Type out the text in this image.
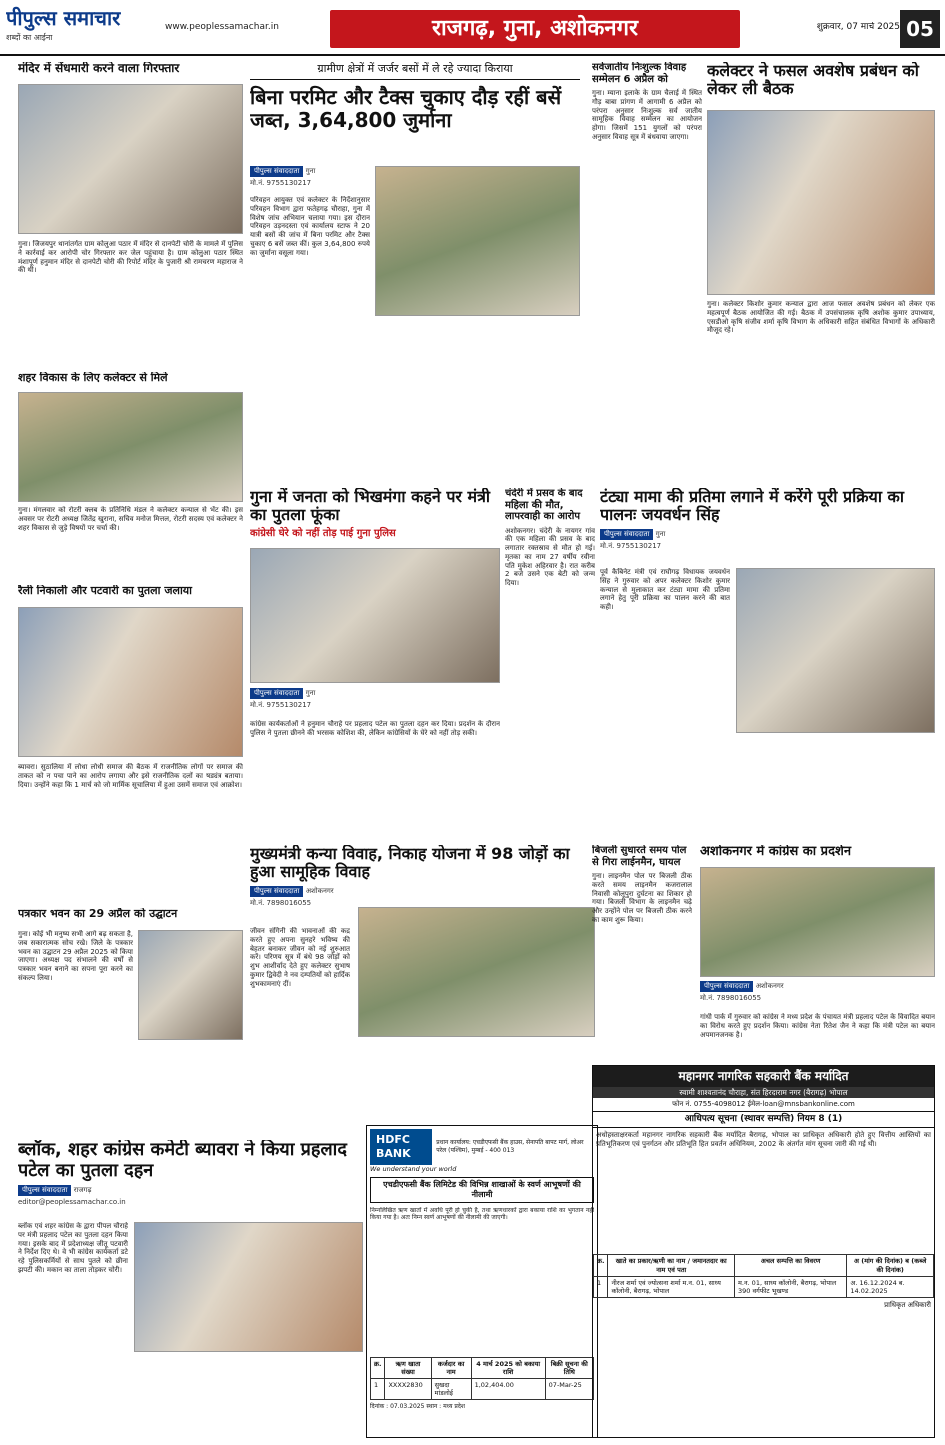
पीपुल्स समाचार
शब्दों का आईना
www.peoplessamachar.in	राजगढ़, गुना, अशोकनगर	शुक्रवार, 07 मार्च 2025 05
मंदिर में सेंधमारी करने वाला गिरफ्तार
गुना। जिजयपुर थानांतर्गत ग्राम कोलुआ पठार में मंदिर से दानपेटी चोरी के मामले में पुलिस ने कार्रवाई कर आरोपी चोर गिरफ्तार कर जेल पहुंचाया है। ग्राम कोलुआ पठार स्थित मंशापूर्ण हनुमान मंदिर से दानपेटी चोरी की रिपोर्ट मंदिर के पुजारी श्री रामचरण महाराज ने की थी।
शहर विकास के लिए कलेक्टर से मिले
गुना। मंगलवार को रोटरी क्लब के प्रतिनिधि मंडल ने कलेक्टर कन्याल से भेंट की। इस अवसर पर रोटरी अध्यक्ष जितेंद्र खुराना, सचिव मनोज मित्तल, रोटरी सदस्य एवं कलेक्टर ने शहर विकास से जुड़े विषयों पर चर्चा की।
रैली निकाली और पटवारी का पुतला जलाया
ब्यावरा। सुठालिया में लोधा लोधी समाज की बैठक में राजनीतिक लोगों पर समाज की ताकत को न पचा पाने का आरोप लगाया और इसे राजनीतिक दलों का षड्यंत्र बताया। दिया। उन्होंने कहा कि 1 मार्च को जो मार्मिक सूचालिया में हुआ उसमें समाज एवं आक्रोश।
पत्रकार भवन का 29 अप्रैल को उद्घाटन
गुना। कोई भी मनुष्य सभी आगे बढ़ सकता है, जब सकारात्मक सोच रखे। जिले के पत्रकार भवन का उद्घाटन 29 अप्रैल 2025 को किया जाएगा। अध्यक्ष पद संभालने की वर्षों से पत्रकार भवन बनाने का सपना पूरा करने का संकल्प लिया।
ब्लॉक, शहर कांग्रेस कमेटी ब्यावरा ने किया प्रहलाद पटेल का पुतला दहन
पीपुल्स संवाददाता राजगढ़
editor@peoplessamachar.co.in
ब्लॉक एवं शहर कांग्रेस के द्वारा पीपल चौराहे पर मंत्री प्रहलाद पटेल का पुतला दहन किया गया। इसके बाद में प्रदेशाध्यक्ष जीतू पटवारी ने निर्देश दिए थे। वे भी कांग्रेस कार्यकर्ता डटे रहे पुलिसकर्मियों से साथ पुतले को छीना झपटी की। मकान का ताला तोड़कर चोरी।
ग्रामीण क्षेत्रों में जर्जर बसों में ले रहे ज्यादा किराया
बिना परमिट और टैक्स चुकाए दौड़ रहीं बसें जब्त, 3,64,800 जुर्माना
पीपुल्स संवाददाता गुना
मो.नं. 9755130217
परिवहन आयुक्त एवं कलेक्टर के निर्देशानुसार परिवहन विभाग द्वारा फतेहगढ़ चौराहा, गुना में विशेष जांच अभियान चलाया गया। इस दौरान परिवहन उड़नदस्ता एवं कार्यालय स्टाफ ने 20 यात्री बसों की जांच में बिना परमिट और टैक्स चुकाए 6 बसें जब्त कीं। कुल 3,64,800 रुपये का जुर्माना वसूला गया।
गुना में जनता को भिखमंगा कहने पर मंत्री का पुतला फूंका
कांग्रेसी घेरे को नहीं तोड़ पाई गुना पुलिस
पीपुल्स संवाददाता गुना
मो.नं. 9755130217
कांग्रेस कार्यकर्ताओं ने हनुमान चौराहे पर प्रहलाद पटेल का पुतला दहन कर दिया। प्रदर्शन के दौरान पुलिस ने पुतला छीनने की भरसक कोशिश की, लेकिन कांग्रेसियों के घेरे को नहीं तोड़ सकी।
चंदेरी में प्रसव के बाद महिला की मौत, लापरवाही का आरोप
अशोकनगर। चंदेरी के नायगर गांव की एक महिला की प्रसव के बाद लगातार रक्तस्राव से मौत हो गई। मृतका का नाम 27 वर्षीय रवीना पति मुकेश अहिरवार है। रात करीब 2 बजे उसने एक बेटी को जन्म दिया।
मुख्यमंत्री कन्या विवाह, निकाह योजना में 98 जोड़ों का हुआ सामूहिक विवाह
पीपुल्स संवाददाता अशोकनगर
मो.नं. 7898016055
जीवन संगिनी की भावनाओं की कद्र करते हुए अपना सुनहरे भविष्य की बेहतर बनाकर जीवन को नई शुरुआत करें। परिणय सूत्र में बंधे 98 जोड़ों को शुभ आशीर्वाद देते हुए कलेक्टर सुभाष कुमार द्विवेदी ने नव दम्पतियों को हार्दिक शुभकामनाएं दीं।
HDFC BANK
प्रधान कार्यालय: एचडीएफसी बैंक हाउस, सेनापति बापट मार्ग, लोअर परेल (पश्चिम), मुम्बई - 400 013
We understand your world
एचडीएफसी बैंक लिमिटेड की विभिन्न शाखाओं के स्वर्ण आभूषणों की नीलामी
निम्नलिखित ऋण खातों में अवधि पूरी हो चुकी है, तथा ऋणधारकों द्वारा बकाया राशि का भुगतान नहीं किया गया है। अतः निम्न स्वर्ण आभूषणों की नीलामी की जाएगी।
क्र.	ऋण खाता संख्या	कर्जदार का नाम	4 मार्च 2025 को बकाया राशि	बिक्री सूचना की तिथि
1	XXXX2830	सुखदा मांडलोई	1,02,404.00	07-Mar-25
दिनांक : 07.03.2025 स्थान : मध्य प्रदेश
सर्वजातीय निःशुल्क विवाह सम्मेलन 6 अप्रैल को
गुना। म्याना इलाके के ग्राम चैलाई में स्थित गौड़ बाबा प्रांगण में आगामी 6 अप्रैल को परंपरा अनुसार निःशुल्क सर्व जातीय सामूहिक विवाह सम्मेलन का आयोजन होगा। जिसमें 151 युगलों को परंपरा अनुसार विवाह सूत्र में बंधवाया जाएगा।
कलेक्टर ने फसल अवशेष प्रबंधन को लेकर ली बैठक
गुना। कलेक्टर किशोर कुमार कन्याल द्वारा आज फसल अवशेष प्रबंधन को लेकर एक महत्वपूर्ण बैठक आयोजित की गई। बैठक में उपसंचालक कृषि अशोक कुमार उपाध्याय, एसडीओ कृषि संजीव शर्मा कृषि विभाग के अधिकारी सहित संबंधित विभागों के अधिकारी मौजूद रहे।
टंट्या मामा की प्रतिमा लगाने में करेंगे पूरी प्रक्रिया का पालनः जयवर्धन सिंह
पीपुल्स संवाददाता गुना
मो.नं. 9755130217
पूर्व कैबिनेट मंत्री एवं राघौगढ़ विधायक जयवर्धन सिंह ने गुरुवार को अपर कलेक्टर किशोर कुमार कन्याल से मुलाकात कर टंट्या मामा की प्रतिमा लगाने हेतु पूरी प्रक्रिया का पालन करने की बात कही।
बिजली सुधारते समय पोल से गिरा लाईनमैन, घायल
गुना। लाइनमैन पोल पर बिजली ठीक करते समय लाइनमैन कजरालाल निवासी कोलूपुरा दुर्घटना का शिकार हो गया। बिजली विभाग के लाइनमैन चढ़े और उन्होंने पोल पर बिजली ठीक करने का काम शुरू किया।
अशोकनगर में कांग्रेस का प्रदर्शन
पीपुल्स संवाददाता अशोकनगर
मो.नं. 7898016055
गांधी पार्क में गुरुवार को कांग्रेस ने मध्य प्रदेश के पंचायत मंत्री प्रहलाद पटेल के विवादित बयान का विरोध करते हुए प्रदर्शन किया। कांग्रेस नेता रितेश जैन ने कहा कि मंत्री पटेल का बयान अपमानजनक है।
महानगर नागरिक सहकारी बैंक मर्यादित
स्वामी शाश्वतानंद चौराहा, संत हिरदाराम नगर (बैरागढ़) भोपाल
फोन नं. 0755-4098012 ईमेल-loan@mnsbankonline.com
आधिपत्य सूचना (स्थावर सम्पत्ति) नियम 8 (1)
अधोहस्ताक्षरकर्ता महानगर नागरिक सहकारी बैंक मर्यादित बैरागढ़, भोपाल का प्राधिकृत अधिकारी होते हुए वित्तीय आस्तियों का प्रतिभूतिकरण एवं पुनर्गठन और प्रतिभूति हित प्रवर्तन अधिनियम, 2002 के अंतर्गत मांग सूचना जारी की गई थी।
क्र.	खाते का प्रकार/ऋणी का नाम / जमानतदार का नाम एवं पता	अचल सम्पत्ति का विवरण	अ (मांग की दिनांक) ब (कब्जे की दिनांक)
1	नीरज शर्मा एवं ज्योत्सना शर्मा म.न. 01, साध्य कॉलोनी, बैरागढ़, भोपाल	म.न. 01, साध्य कॉलोनी, बैरागढ़, भोपाल 390 वर्गफीट भूखण्ड	अ. 16.12.2024 ब. 14.02.2025
प्राधिकृत अधिकारी
